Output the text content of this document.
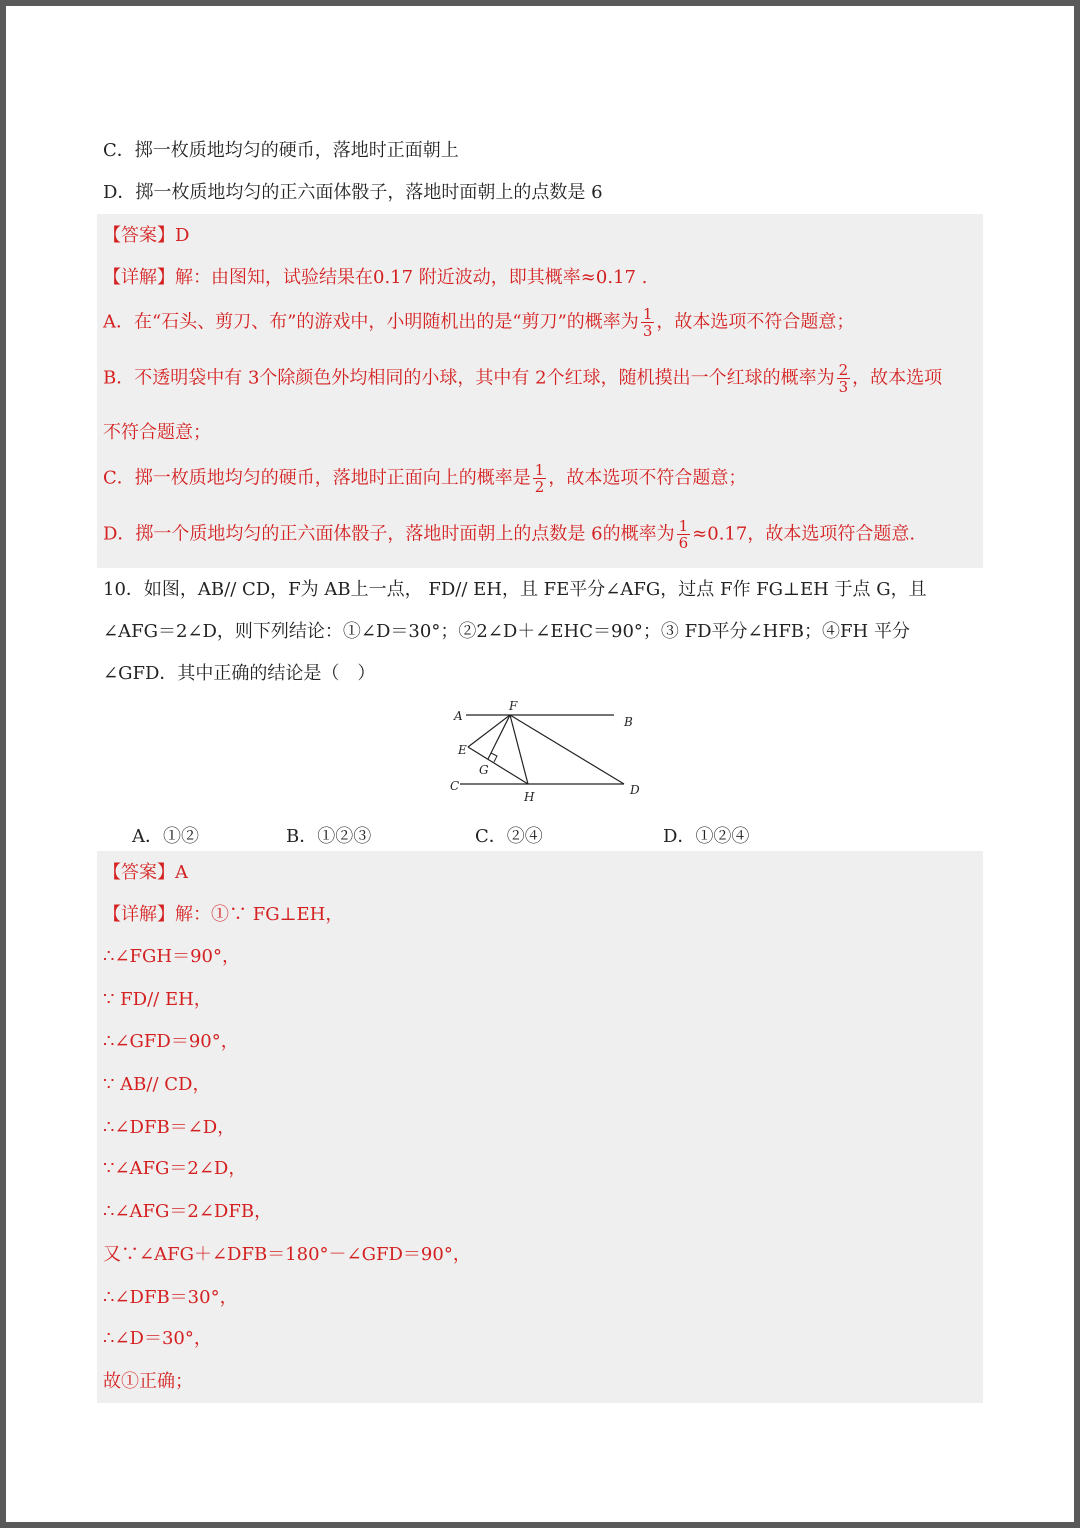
C．掷一枚质地均匀的硬币，落地时正面朝上
D．掷一枚质地均匀的正六面体骰子，落地时面朝上的点数是 6
【答案】D
【详解】解：由图知，试验结果在0.17 附近波动，即其概率≈0.17 .
A．在“石头、剪刀、布”的游戏中，小明随机出的是“剪刀”的概率为 $\frac{1}{3}$ ，故本选项不符合题意；
B．不透明袋中有 3个除颜色外均相同的小球，其中有 2个红球，随机摸出一个红球的概率为 $\frac{2}{3}$ ，故本选项
不符合题意；
C．掷一枚质地均匀的硬币，落地时正面向上的概率是 $\frac{1}{2}$ ，故本选项不符合题意；
D．掷一个质地均匀的正六面体骰子，落地时面朝上的点数是 6的概率为 $\frac{1}{6} \approx 0.17$，故本选项符合题意.
10．如图，AB// CD，F为 AB上一点， FD// EH，且 FE平分∠AFG，过点 F作 FG⊥EH 于点 G，且
∠AFG＝2∠D，则下列结论：①∠D＝30°；②2∠D＋∠EHC＝90°；③ FD平分∠HFB；④FH 平分
∠GFD．其中正确的结论是（　）
A
F
B
E
G
C
H	D
A．①②	B．①②③	C．②④	D．①②④
【答案】A
【详解】解：①∵ FG⊥EH，
∴∠FGH＝90°，
∵ FD// EH，
∴∠GFD＝90°，
∵ AB// CD，
∴∠DFB＝∠D，
∵∠AFG＝2∠D，
∴∠AFG＝2∠DFB，
又∵∠AFG＋∠DFB＝180°－∠GFD＝90°，
∴∠DFB＝30°，
∴∠D＝30°，
故①正确；
